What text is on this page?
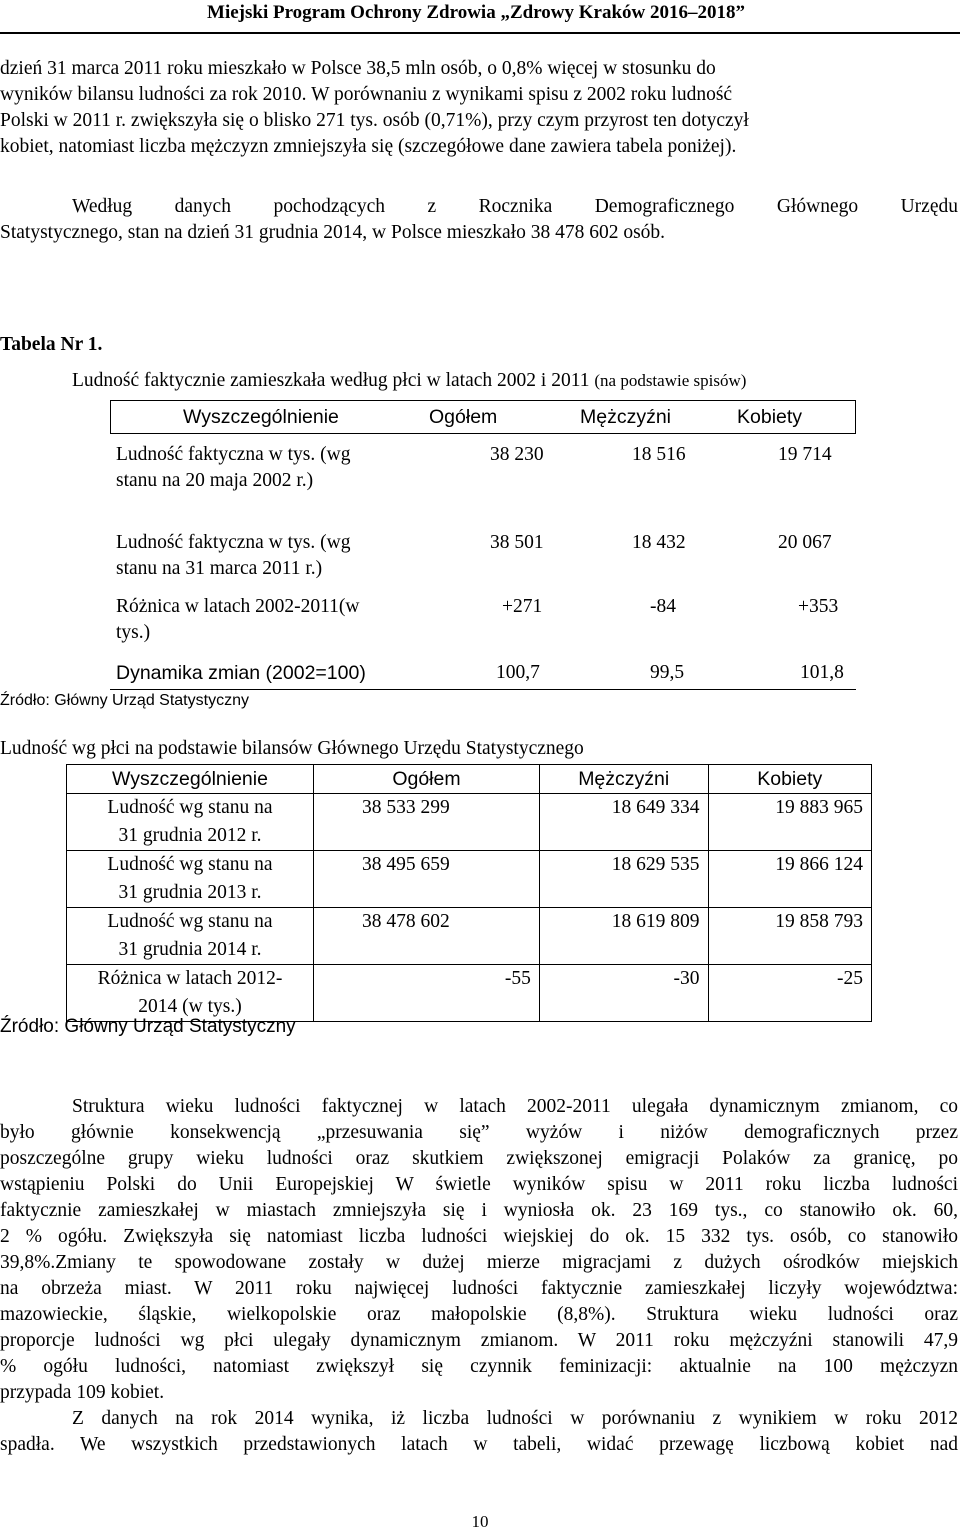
Miejski Program Ochrony Zdrowia „Zdrowy Kraków 2016–2018”
dzień 31 marca 2011 roku mieszkało w Polsce 38,5 mln osób, o 0,8% więcej w stosunku do
wyników bilansu ludności za rok 2010. W porównaniu z wynikami spisu z 2002 roku ludność
Polski w 2011 r. zwiększyła się o blisko 271 tys. osób (0,71%), przy czym przyrost ten dotyczył
kobiet, natomiast liczba mężczyzn zmniejszyła się (szczegółowe dane zawiera tabela poniżej).
Według danych pochodzących z Rocznika Demograficznego Głównego Urzędu
Statystycznego, stan na dzień 31 grudnia 2014, w Polsce mieszkało 38 478 602 osób.
Tabela Nr 1.
Ludność faktycznie zamieszkała według płci w latach 2002 i 2011 (na podstawie spisów)
Wyszczególnienie	Ogółem	Mężczyźni	Kobiety
Ludność faktyczna w tys. (wg
stanu na 20 maja 2002 r.)
38 230	18 516	19 714
Ludność faktyczna w tys. (wg
stanu na 31 marca 2011 r.)
38 501	18 432	20 067
Różnica w latach 2002-2011(w
tys.)
+271	-84	+353
Dynamika zmian (2002=100)	100,7	99,5	101,8
Źródło: Główny Urząd Statystyczny
Ludność wg płci na podstawie bilansów Głównego Urzędu Statystycznego
Wyszczególnienie	Ogółem	Mężczyźni	Kobiety
Ludność wg stanu na
31 grudnia 2012 r.	38 533 299	18 649 334	19 883 965
Ludność wg stanu na
31 grudnia 2013 r.	38 495 659	18 629 535	19 866 124
Ludność wg stanu na
31 grudnia 2014 r.	38 478 602	18 619 809	19 858 793
Różnica w latach 2012-
2014 (w tys.)	-55	-30	-25
Źródło: Główny Urząd Statystyczny
Struktura wieku ludności faktycznej w latach 2002-2011 ulegała dynamicznym zmianom, co
było głównie konsekwencją „przesuwania się” wyżów i niżów demograficznych przez
poszczególne grupy wieku ludności oraz skutkiem zwiększonej emigracji Polaków za granicę, po
wstąpieniu Polski do Unii Europejskiej W świetle wyników spisu w 2011 roku liczba ludności
faktycznie zamieszkałej w miastach zmniejszyła się i wyniosła ok. 23 169 tys., co stanowiło ok. 60,
2 % ogółu. Zwiększyła się natomiast liczba ludności wiejskiej do ok. 15 332 tys. osób, co stanowiło
39,8%.Zmiany te spowodowane zostały w dużej mierze migracjami z dużych ośrodków miejskich
na obrzeża miast. W 2011 roku najwięcej ludności faktycznie zamieszkałej liczyły województwa:
mazowieckie, śląskie, wielkopolskie oraz małopolskie (8,8%). Struktura wieku ludności oraz
proporcje ludności wg płci ulegały dynamicznym zmianom. W 2011 roku mężczyźni stanowili 47,9
% ogółu ludności, natomiast zwiększył się czynnik feminizacji: aktualnie na 100 mężczyzn
przypada 109 kobiet.
Z danych na rok 2014 wynika, iż liczba ludności w porównaniu z wynikiem w roku 2012
spadła. We wszystkich przedstawionych latach w tabeli, widać przewagę liczbową kobiet nad
10
